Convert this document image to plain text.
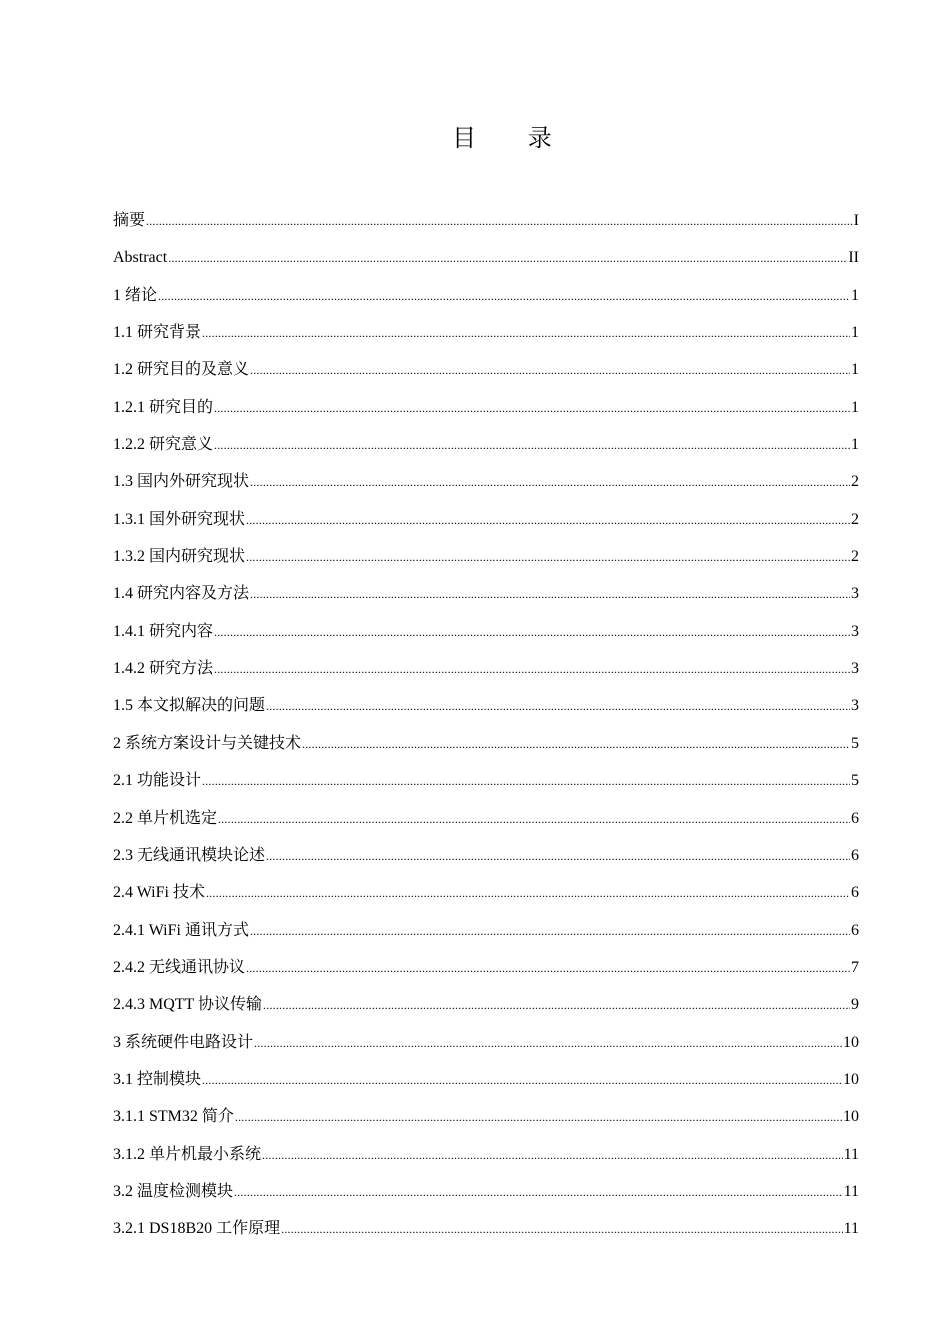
目 录
摘要 .....	I
Abstract .....	II
1 绪论 .....	1
1.1 研究背景 .....	1
1.2 研究目的及意义 .....	1
1.2.1 研究目的 .....	1
1.2.2 研究意义 .....	1
1.3 国内外研究现状 .....	2
1.3.1 国外研究现状 .....	2
1.3.2 国内研究现状 .....	2
1.4 研究内容及方法 .....	3
1.4.1 研究内容 .....	3
1.4.2 研究方法 .....	3
1.5 本文拟解决的问题 .....	3
2 系统方案设计与关键技术 .....	5
2.1 功能设计 .....	5
2.2 单片机选定 .....	6
2.3 无线通讯模块论述 .....	6
2.4 WiFi 技术 .....	6
2.4.1 WiFi 通讯方式 .....	6
2.4.2 无线通讯协议 .....	7
2.4.3 MQTT 协议传输 .....	9
3 系统硬件电路设计 .....	10
3.1 控制模块 .....	10
3.1.1 STM32 简介 .....	10
3.1.2 单片机最小系统 .....	11
3.2 温度检测模块 .....	11
3.2.1 DS18B20 工作原理 .....	11
